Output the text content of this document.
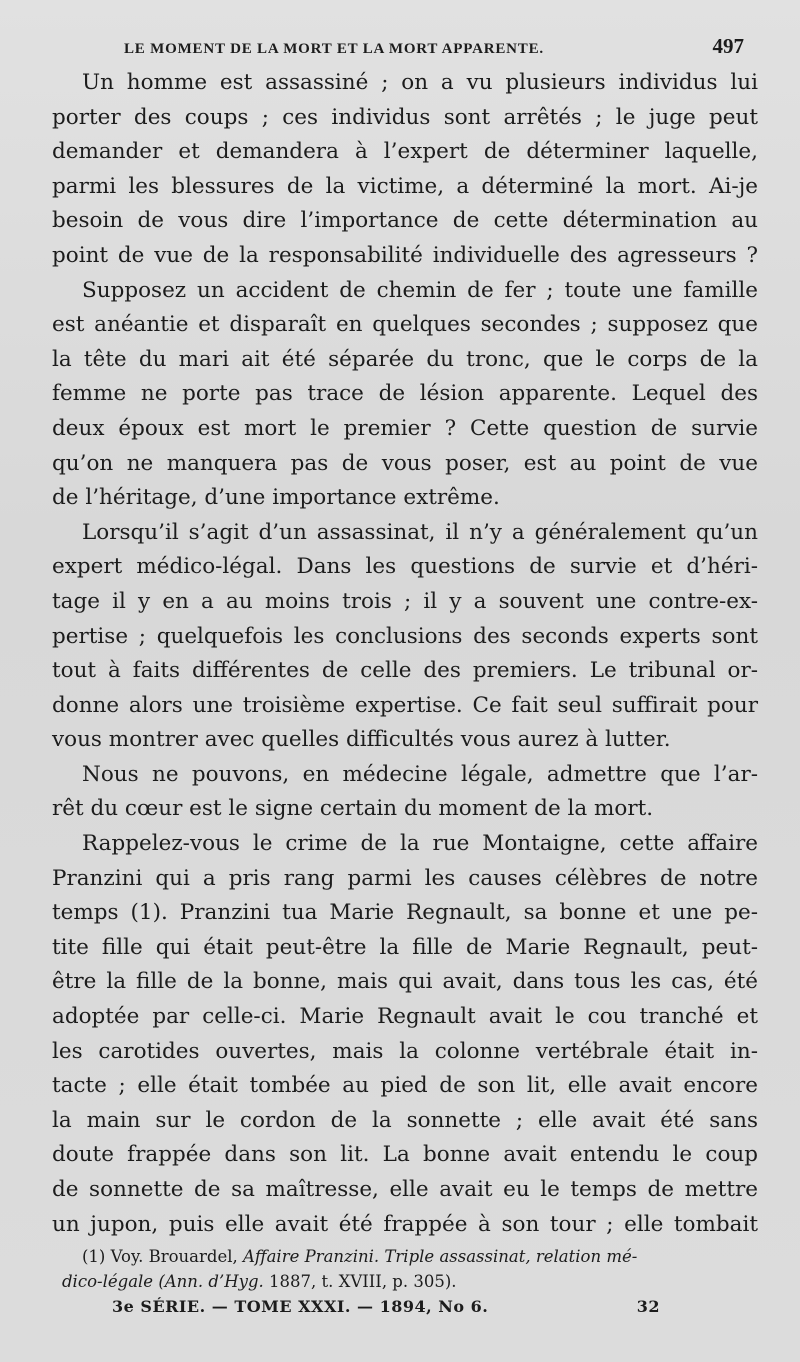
LE MOMENT DE LA MORT ET LA MORT APPARENTE.	497

Un homme est assassiné ; on a vu plusieurs individus lui
porter des coups ; ces individus sont arrêtés ; le juge peut
demander et demandera à l’expert de déterminer laquelle,
parmi les blessures de la victime, a déterminé la mort. Ai-je
besoin de vous dire l’importance de cette détermination au
point de vue de la responsabilité individuelle des agresseurs ?

Supposez un accident de chemin de fer ; toute une famille
est anéantie et disparaît en quelques secondes ; supposez que
la tête du mari ait été séparée du tronc, que le corps de la
femme ne porte pas trace de lésion apparente. Lequel des
deux époux est mort le premier ? Cette question de survie
qu’on ne manquera pas de vous poser, est au point de vue
de l’héritage, d’une importance extrême.

Lorsqu’il s’agit d’un assassinat, il n’y a généralement qu’un
expert médico-légal. Dans les questions de survie et d’héri-
tage il y en a au moins trois ; il y a souvent une contre-ex-
pertise ; quelquefois les conclusions des seconds experts sont
tout à faits différentes de celle des premiers. Le tribunal or-
donne alors une troisième expertise. Ce fait seul suffirait pour
vous montrer avec quelles difficultés vous aurez à lutter.

Nous ne pouvons, en médecine légale, admettre que l’ar-
rêt du cœur est le signe certain du moment de la mort.

Rappelez-vous le crime de la rue Montaigne, cette affaire
Pranzini qui a pris rang parmi les causes célèbres de notre
temps (1). Pranzini tua Marie Regnault, sa bonne et une pe-
tite fille qui était peut-être la fille de Marie Regnault, peut-
être la fille de la bonne, mais qui avait, dans tous les cas, été
adoptée par celle-ci. Marie Regnault avait le cou tranché et
les carotides ouvertes, mais la colonne vertébrale était in-
tacte ; elle était tombée au pied de son lit, elle avait encore
la main sur le cordon de la sonnette ; elle avait été sans
doute frappée dans son lit. La bonne avait entendu le coup
de sonnette de sa maîtresse, elle avait eu le temps de mettre
un jupon, puis elle avait été frappée à son tour ; elle tombait

(1) Voy. Brouardel, Affaire Pranzini. Triple assassinat, relation mé-
dico-légale (Ann. d’Hyg. 1887, t. XVIII, p. 305).
3e SÉRIE. — TOME XXXI. — 1894, No 6.	32
